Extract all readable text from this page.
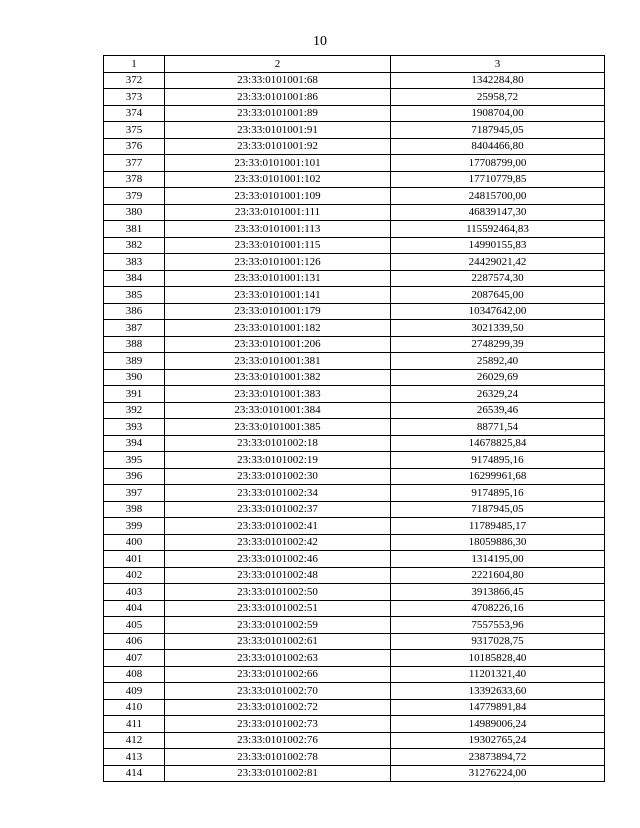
10
1	2	3
372	23:33:0101001:68	1342284,80
373	23:33:0101001:86	25958,72
374	23:33:0101001:89	1908704,00
375	23:33:0101001:91	7187945,05
376	23:33:0101001:92	8404466,80
377	23:33:0101001:101	17708799,00
378	23:33:0101001:102	17710779,85
379	23:33:0101001:109	24815700,00
380	23:33:0101001:111	46839147,30
381	23:33:0101001:113	115592464,83
382	23:33:0101001:115	14990155,83
383	23:33:0101001:126	24429021,42
384	23:33:0101001:131	2287574,30
385	23:33:0101001:141	2087645,00
386	23:33:0101001:179	10347642,00
387	23:33:0101001:182	3021339,50
388	23:33:0101001:206	2748299,39
389	23:33:0101001:381	25892,40
390	23:33:0101001:382	26029,69
391	23:33:0101001:383	26329,24
392	23:33:0101001:384	26539,46
393	23:33:0101001:385	88771,54
394	23:33:0101002:18	14678825,84
395	23:33:0101002:19	9174895,16
396	23:33:0101002:30	16299961,68
397	23:33:0101002:34	9174895,16
398	23:33:0101002:37	7187945,05
399	23:33:0101002:41	11789485,17
400	23:33:0101002:42	18059886,30
401	23:33:0101002:46	1314195,00
402	23:33:0101002:48	2221604,80
403	23:33:0101002:50	3913866,45
404	23:33:0101002:51	4708226,16
405	23:33:0101002:59	7557553,96
406	23:33:0101002:61	9317028,75
407	23:33:0101002:63	10185828,40
408	23:33:0101002:66	11201321,40
409	23:33:0101002:70	13392633,60
410	23:33:0101002:72	14779891,84
411	23:33:0101002:73	14989006,24
412	23:33:0101002:76	19302765,24
413	23:33:0101002:78	23873894,72
414	23:33:0101002:81	31276224,00
